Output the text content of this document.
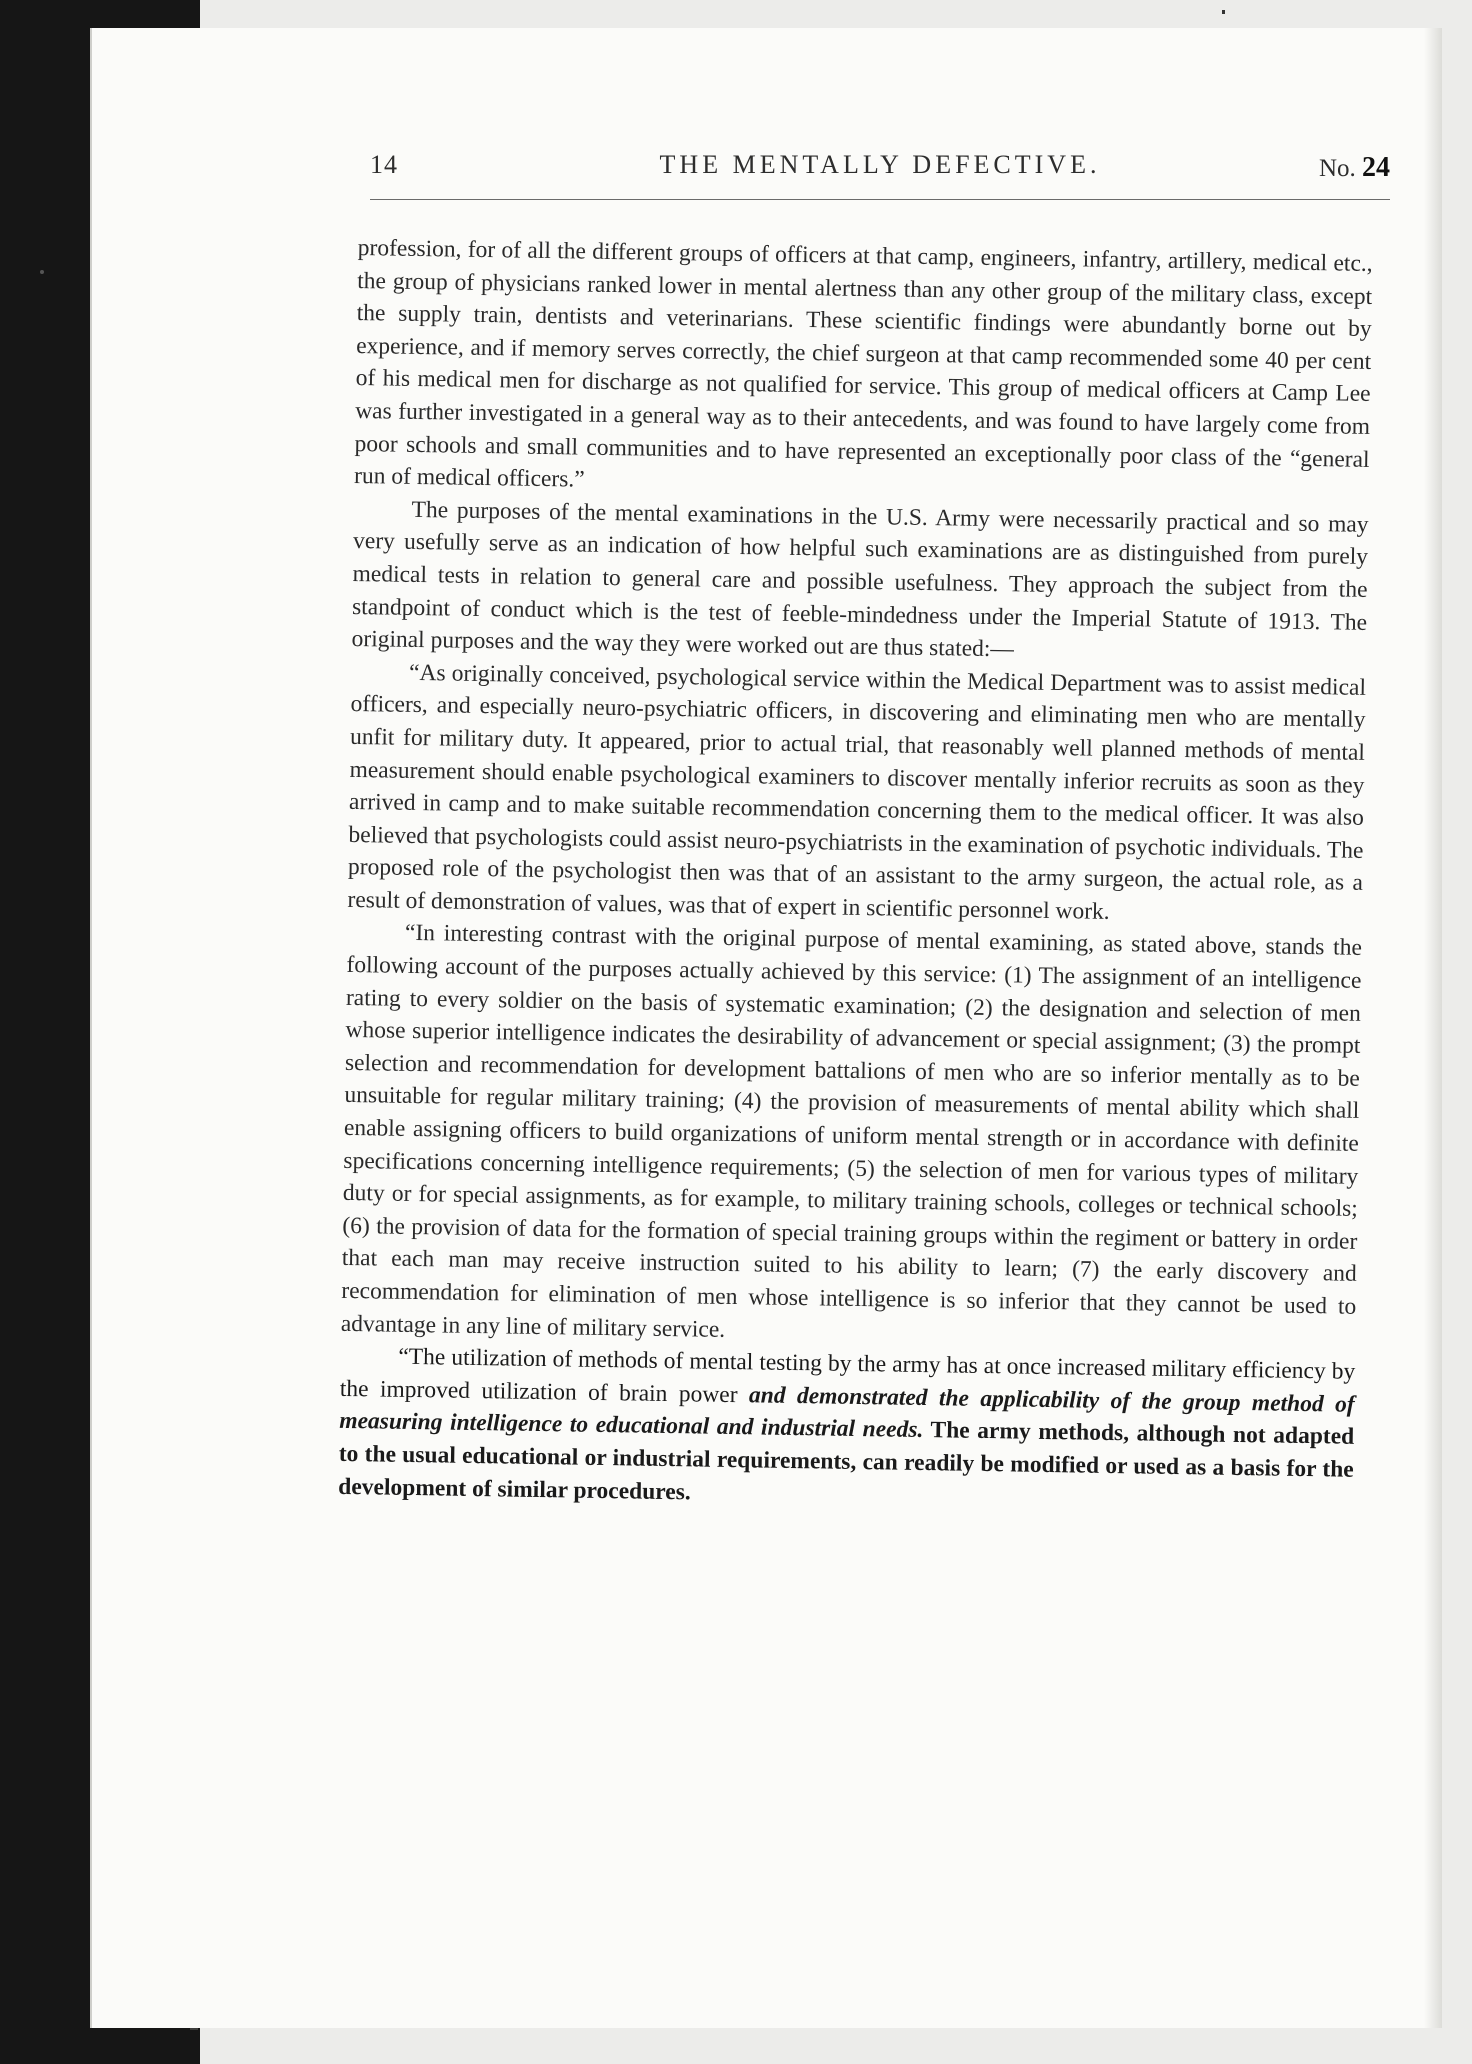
14	THE MENTALLY DEFECTIVE.	No. 24

profession, for of all the different groups of officers at that camp, engineers, infantry, artillery, medical etc., the group of physicians ranked lower in mental alertness than any other group of the military class, except the supply train, dentists and veterinarians. These scientific findings were abundantly borne out by experience, and if memory serves correctly, the chief surgeon at that camp recommended some 40 per cent of his medical men for discharge as not qualified for service. This group of medical officers at Camp Lee was further investigated in a general way as to their antecedents, and was found to have largely come from poor schools and small communities and to have represented an exceptionally poor class of the “general run of medical officers.”

The purposes of the mental examinations in the U.S. Army were necessarily practical and so may very usefully serve as an indication of how helpful such examinations are as distinguished from purely medical tests in relation to general care and possible usefulness. They approach the subject from the standpoint of conduct which is the test of feeble-mindedness under the Imperial Statute of 1913. The original purposes and the way they were worked out are thus stated:—

“As originally conceived, psychological service within the Medical Department was to assist medical officers, and especially neuro-psychiatric officers, in discovering and eliminating men who are mentally unfit for military duty. It appeared, prior to actual trial, that reasonably well planned methods of mental measurement should enable psychological examiners to discover mentally inferior recruits as soon as they arrived in camp and to make suitable recommendation concerning them to the medical officer. It was also believed that psychologists could assist neuro-psychiatrists in the examination of psychotic individuals. The proposed role of the psychologist then was that of an assistant to the army surgeon, the actual role, as a result of demonstration of values, was that of expert in scientific personnel work.

“In interesting contrast with the original purpose of mental examining, as stated above, stands the following account of the purposes actually achieved by this service: (1) The assignment of an intelligence rating to every soldier on the basis of systematic examination; (2) the designation and selection of men whose superior intelligence indicates the desirability of advancement or special assignment; (3) the prompt selection and recommendation for development battalions of men who are so inferior mentally as to be unsuitable for regular military training; (4) the provision of measurements of mental ability which shall enable assigning officers to build organizations of uniform mental strength or in accordance with definite specifications concerning intelligence requirements; (5) the selection of men for various types of military duty or for special assignments, as for example, to military training schools, colleges or technical schools; (6) the provision of data for the formation of special training groups within the regiment or battery in order that each man may receive instruction suited to his ability to learn; (7) the early discovery and recommendation for elimination of men whose intelligence is so inferior that they cannot be used to advantage in any line of military service.

“The utilization of methods of mental testing by the army has at once increased military efficiency by the improved utilization of brain power and demonstrated the applicability of the group method of measuring intelligence to educational and industrial needs. The army methods, although not adapted to the usual educational or industrial requirements, can readily be modified or used as a basis for the development of similar procedures.
